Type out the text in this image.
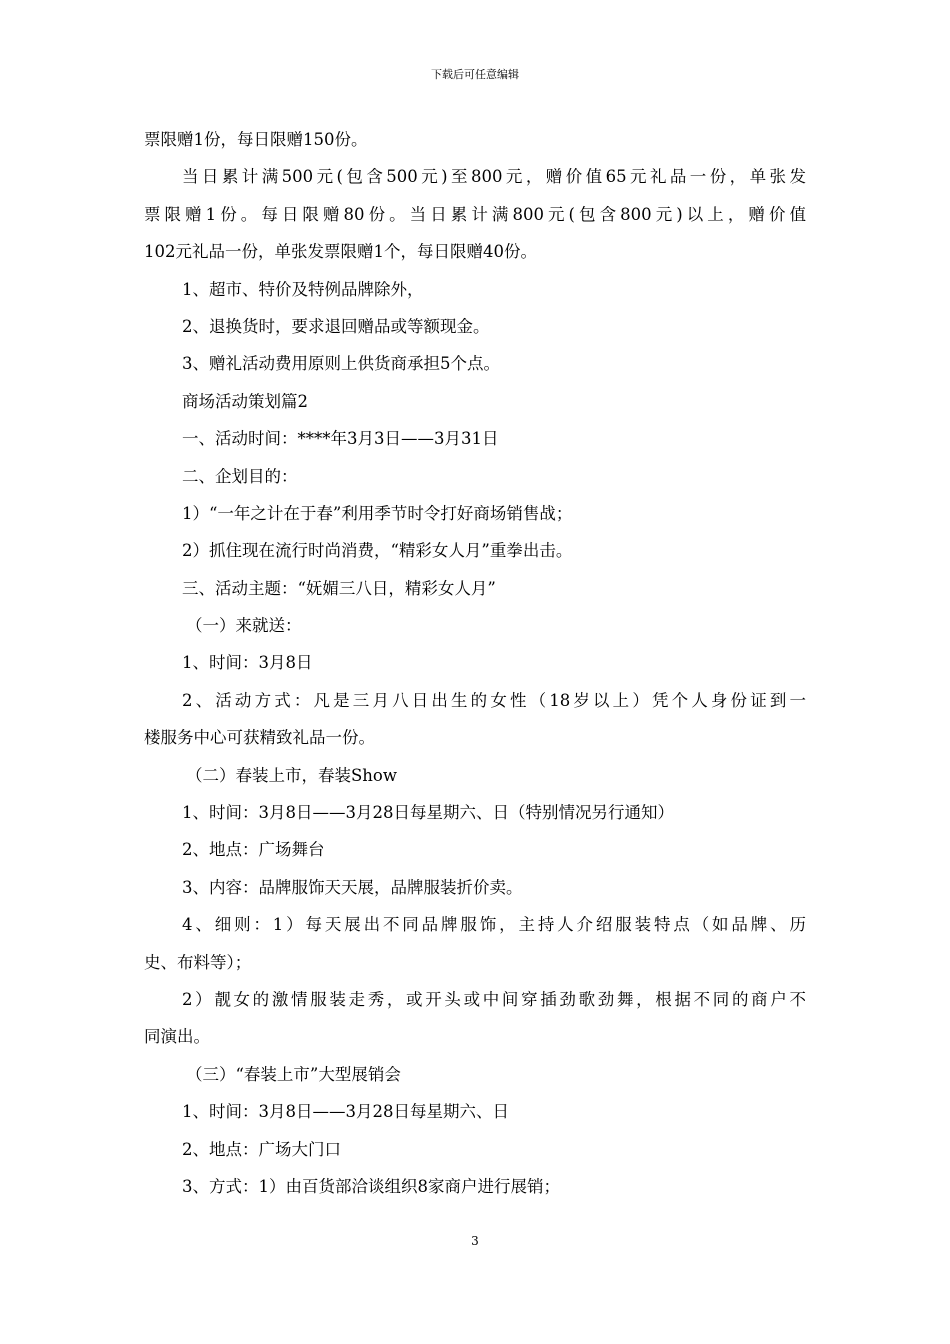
下载后可任意编辑
票限赠1份，每日限赠150份。
当日累计满500元(包含500元)至800元，赠价值65元礼品一份，单张发
票限赠1份。每日限赠80份。当日累计满800元(包含800元)以上，赠价值
102元礼品一份，单张发票限赠1个，每日限赠40份。
1、超市、特价及特例品牌除外，
2、退换货时，要求退回赠品或等额现金。
3、赠礼活动费用原则上供货商承担5个点。
商场活动策划篇2
一、活动时间：****年3月3日——3月31日
二、企划目的：
1）“一年之计在于春”利用季节时令打好商场销售战；
2）抓住现在流行时尚消费，“精彩女人月”重拳出击。
三、活动主题：“妩媚三八日，精彩女人月”
（一）来就送：
1、时间：3月8日
2、活动方式：凡是三月八日出生的女性（18岁以上）凭个人身份证到一
楼服务中心可获精致礼品一份。
（二）春装上市，春装Show
1、时间：3月8日——3月28日每星期六、日（特别情况另行通知）
2、地点：广场舞台
3、内容：品牌服饰天天展，品牌服装折价卖。
4、细则：1）每天展出不同品牌服饰，主持人介绍服装特点（如品牌、历
史、布料等）；
2）靓女的激情服装走秀，或开头或中间穿插劲歌劲舞，根据不同的商户不
同演出。
（三）“春装上市”大型展销会
1、时间：3月8日——3月28日每星期六、日
2、地点：广场大门口
3、方式：1）由百货部洽谈组织8家商户进行展销；
3
